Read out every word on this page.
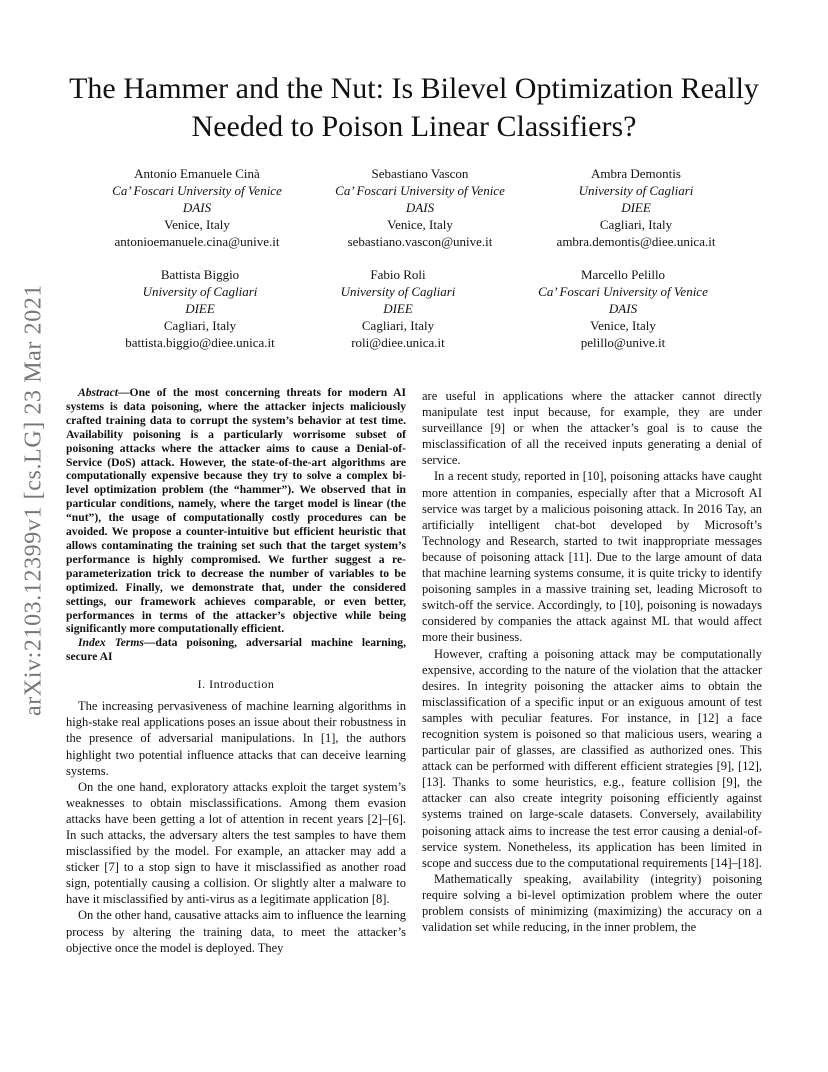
arXiv:2103.12399v1 [cs.LG] 23 Mar 2021
The Hammer and the Nut: Is Bilevel Optimization Really Needed to Poison Linear Classifiers?
Antonio Emanuele Cinà
Ca’ Foscari University of Venice
DAIS
Venice, Italy
antonioemanuele.cina@unive.it
Sebastiano Vascon
Ca’ Foscari University of Venice
DAIS
Venice, Italy
sebastiano.vascon@unive.it
Ambra Demontis
University of Cagliari
DIEE
Cagliari, Italy
ambra.demontis@diee.unica.it
Battista Biggio
University of Cagliari
DIEE
Cagliari, Italy
battista.biggio@diee.unica.it
Fabio Roli
University of Cagliari
DIEE
Cagliari, Italy
roli@diee.unica.it
Marcello Pelillo
Ca’ Foscari University of Venice
DAIS
Venice, Italy
pelillo@unive.it

Abstract—One of the most concerning threats for modern AI systems is data poisoning, where the attacker injects maliciously crafted training data to corrupt the system’s behavior at test time. Availability poisoning is a particularly worrisome subset of poisoning attacks where the attacker aims to cause a Denial-of-Service (DoS) attack. However, the state-of-the-art algorithms are computationally expensive because they try to solve a complex bi-level optimization problem (the “hammer”). We observed that in particular conditions, namely, where the target model is linear (the “nut”), the usage of computationally costly procedures can be avoided. We propose a counter-intuitive but efficient heuristic that allows contaminating the training set such that the target system’s performance is highly compromised. We further suggest a re-parameterization trick to decrease the number of variables to be optimized. Finally, we demonstrate that, under the considered settings, our framework achieves comparable, or even better, performances in terms of the attacker’s objective while being significantly more computationally efficient.

Index Terms—data poisoning, adversarial machine learning, secure AI

I. Introduction

The increasing pervasiveness of machine learning algorithms in high-stake real applications poses an issue about their robustness in the presence of adversarial manipulations. In [1], the authors highlight two potential influence attacks that can deceive learning systems.

On the one hand, exploratory attacks exploit the target system’s weaknesses to obtain misclassifications. Among them evasion attacks have been getting a lot of attention in recent years [2]–[6]. In such attacks, the adversary alters the test samples to have them misclassified by the model. For example, an attacker may add a sticker [7] to a stop sign to have it misclassified as another road sign, potentially causing a collision. Or slightly alter a malware to have it misclassified by anti-virus as a legitimate application [8].

On the other hand, causative attacks aim to influence the learning process by altering the training data, to meet the attacker’s objective once the model is deployed. They

are useful in applications where the attacker cannot directly manipulate test input because, for example, they are under surveillance [9] or when the attacker’s goal is to cause the misclassification of all the received inputs generating a denial of service.

In a recent study, reported in [10], poisoning attacks have caught more attention in companies, especially after that a Microsoft AI service was target by a malicious poisoning attack. In 2016 Tay, an artificially intelligent chat-bot developed by Microsoft’s Technology and Research, started to twit inappropriate messages because of poisoning attack [11]. Due to the large amount of data that machine learning systems consume, it is quite tricky to identify poisoning samples in a massive training set, leading Microsoft to switch-off the service. Accordingly, to [10], poisoning is nowadays considered by companies the attack against ML that would affect more their business.

However, crafting a poisoning attack may be computationally expensive, according to the nature of the violation that the attacker desires. In integrity poisoning the attacker aims to obtain the misclassification of a specific input or an exiguous amount of test samples with peculiar features. For instance, in [12] a face recognition system is poisoned so that malicious users, wearing a particular pair of glasses, are classified as authorized ones. This attack can be performed with different efficient strategies [9], [12], [13]. Thanks to some heuristics, e.g., feature collision [9], the attacker can also create integrity poisoning efficiently against systems trained on large-scale datasets. Conversely, availability poisoning attack aims to increase the test error causing a denial-of-service system. Nonetheless, its application has been limited in scope and success due to the computational requirements [14]–[18].

Mathematically speaking, availability (integrity) poisoning require solving a bi-level optimization problem where the outer problem consists of minimizing (maximizing) the accuracy on a validation set while reducing, in the inner problem, the
